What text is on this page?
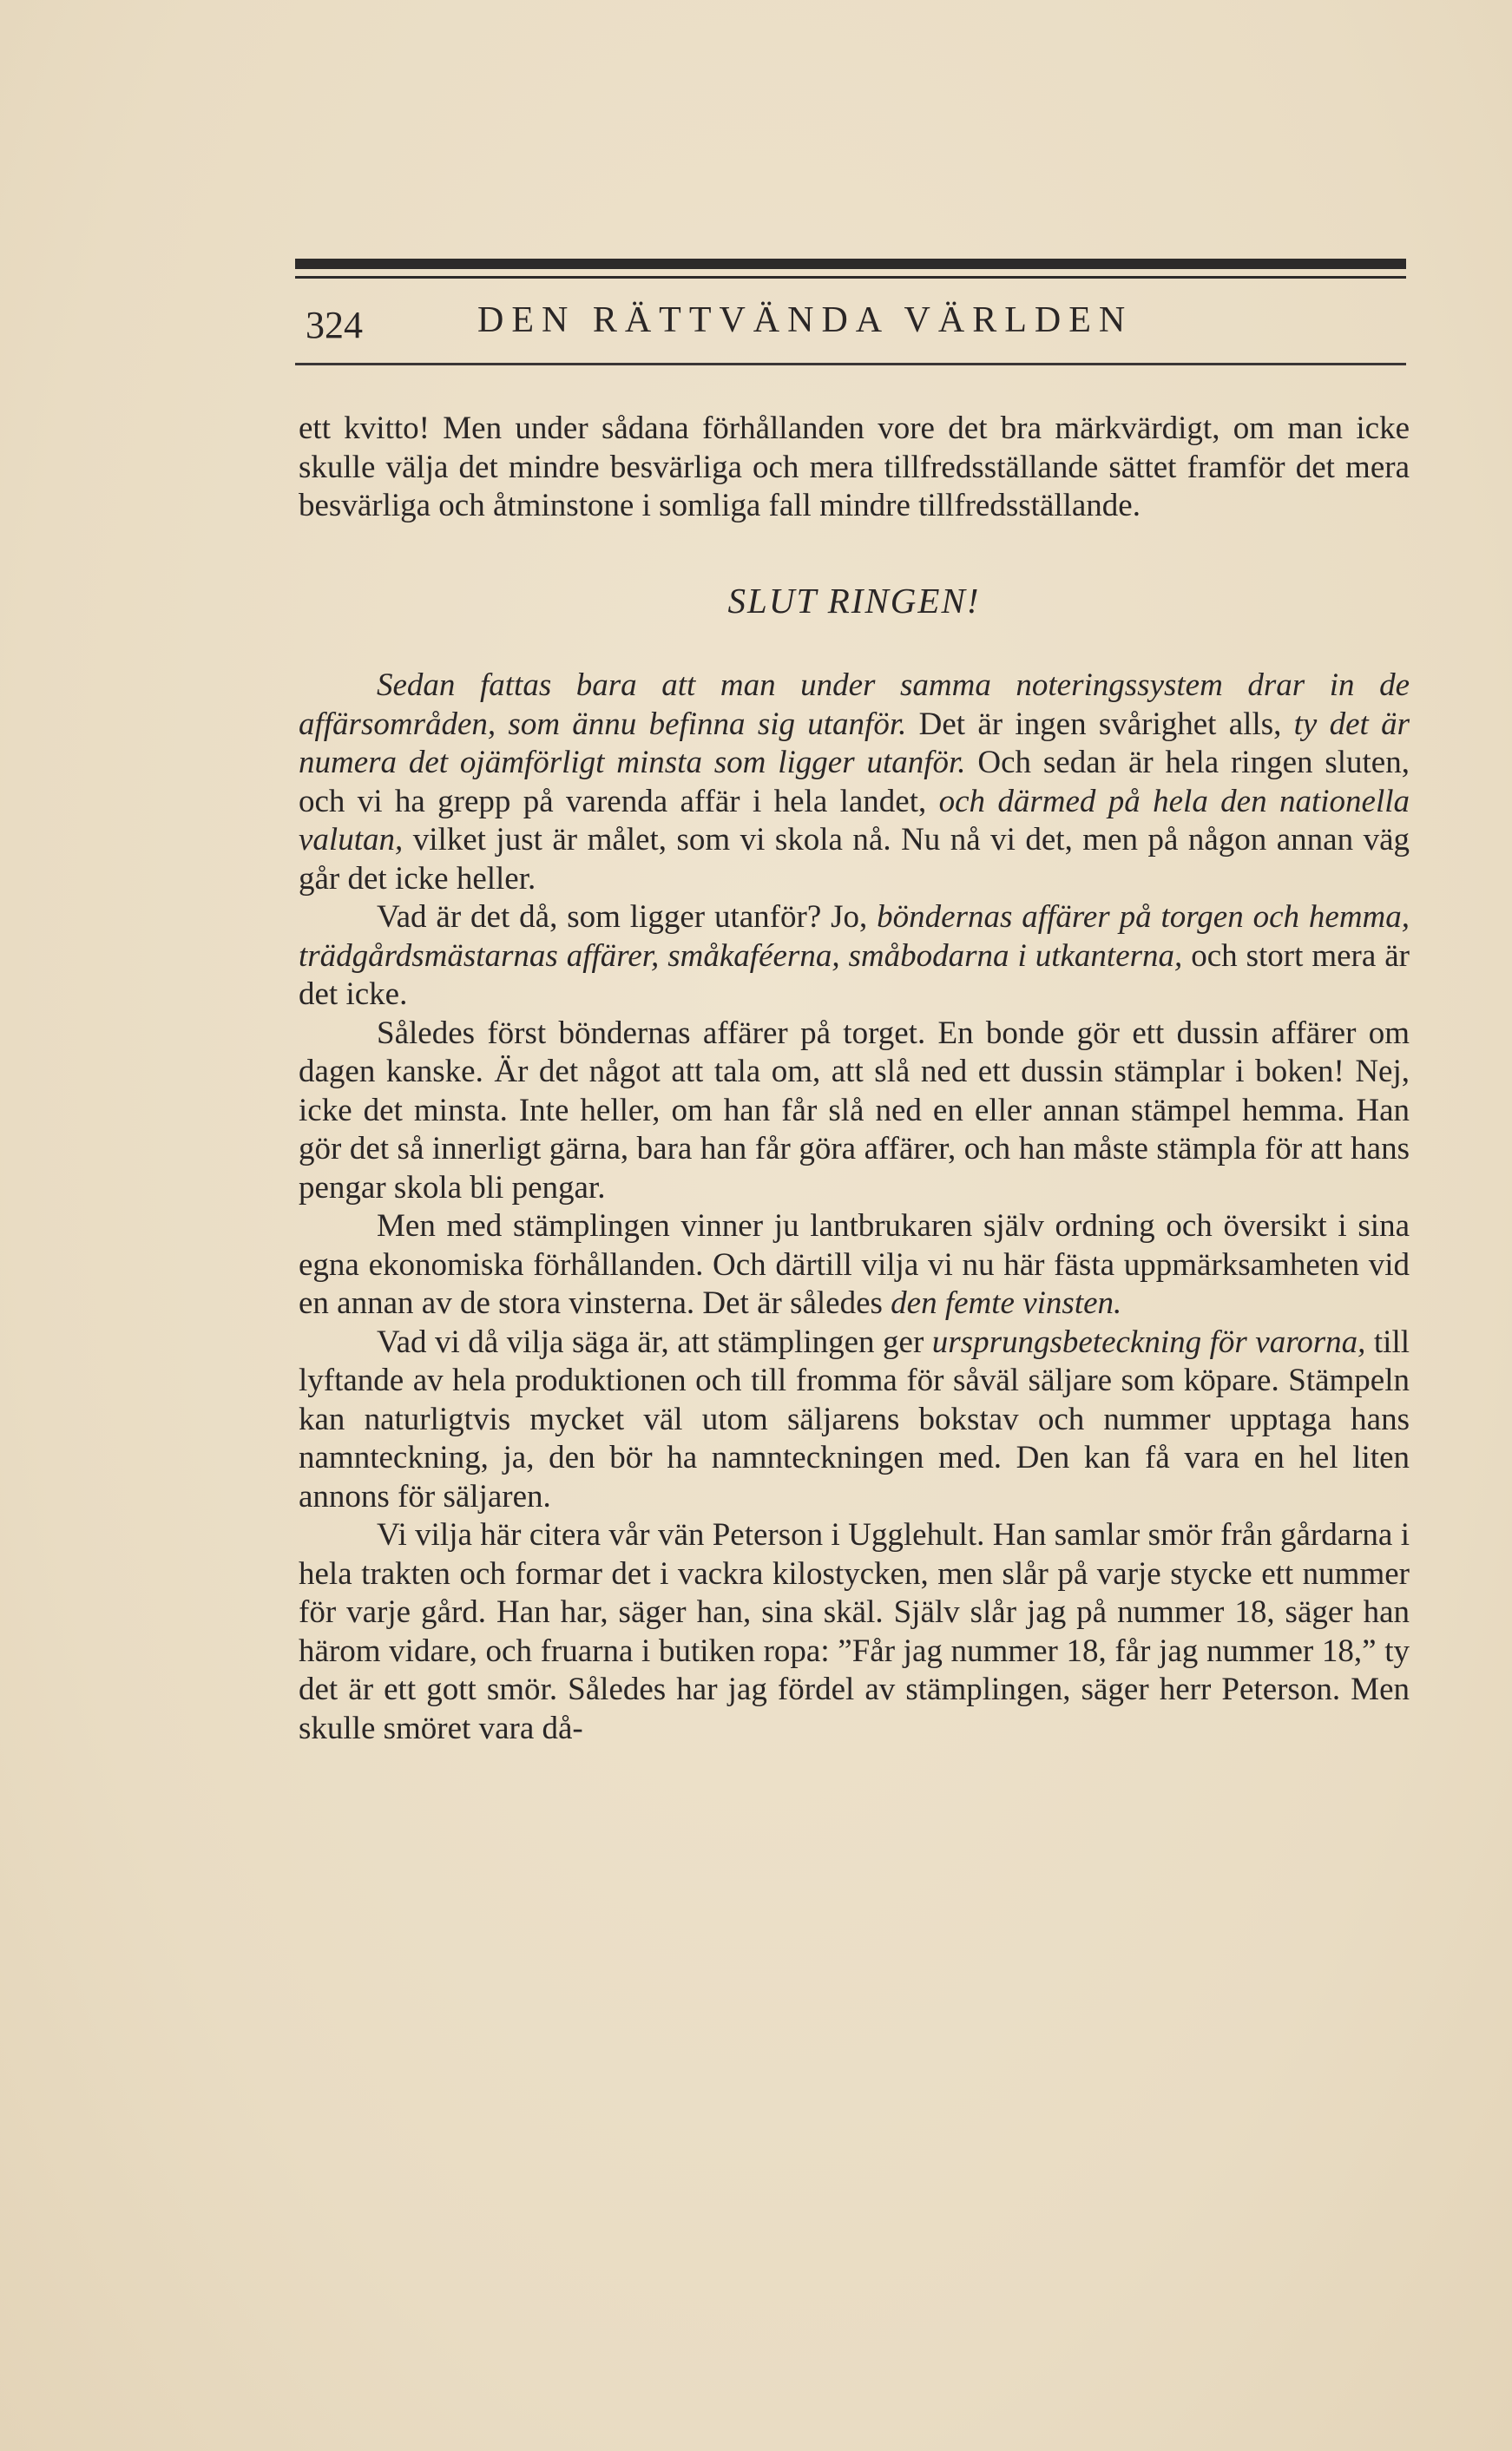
324	DEN RÄTTVÄNDA VÄRLDEN

ett kvitto! Men under sådana förhållanden vore det bra märkvärdigt, om man icke skulle välja det mindre besvärliga och mera tillfredsställande sättet framför det mera besvärliga och åtminstone i somliga fall mindre tillfredsställande.

SLUT RINGEN!

Sedan fattas bara att man under samma noteringssystem drar in de affärsområden, som ännu befinna sig utanför. Det är ingen svårighet alls, ty det är numera det ojämförligt minsta som ligger utanför. Och sedan är hela ringen sluten, och vi ha grepp på varenda affär i hela landet, och därmed på hela den nationella valutan, vilket just är målet, som vi skola nå. Nu nå vi det, men på någon annan väg går det icke heller.

Vad är det då, som ligger utanför? Jo, böndernas affärer på torgen och hemma, trädgårdsmästarnas affärer, småkaféerna, småbodarna i utkanterna, och stort mera är det icke.

Således först böndernas affärer på torget. En bonde gör ett dussin affärer om dagen kanske. Är det något att tala om, att slå ned ett dussin stämplar i boken! Nej, icke det minsta. Inte heller, om han får slå ned en eller annan stämpel hemma. Han gör det så innerligt gärna, bara han får göra affärer, och han måste stämpla för att hans pengar skola bli pengar.

Men med stämplingen vinner ju lantbrukaren själv ordning och översikt i sina egna ekonomiska förhållanden. Och därtill vilja vi nu här fästa uppmärksamheten vid en annan av de stora vinsterna. Det är således den femte vinsten.

Vad vi då vilja säga är, att stämplingen ger ursprungsbeteckning för varorna, till lyftande av hela produktionen och till fromma för såväl säljare som köpare. Stämpeln kan naturligtvis mycket väl utom säljarens bokstav och nummer upptaga hans namnteckning, ja, den bör ha namnteckningen med. Den kan få vara en hel liten annons för säljaren.

Vi vilja här citera vår vän Peterson i Ugglehult. Han samlar smör från gårdarna i hela trakten och formar det i vackra kilostycken, men slår på varje stycke ett nummer för varje gård. Han har, säger han, sina skäl. Själv slår jag på nummer 18, säger han härom vidare, och fruarna i butiken ropa: ”Får jag nummer 18, får jag nummer 18,” ty det är ett gott smör. Således har jag fördel av stämplingen, säger herr Peterson. Men skulle smöret vara då-
